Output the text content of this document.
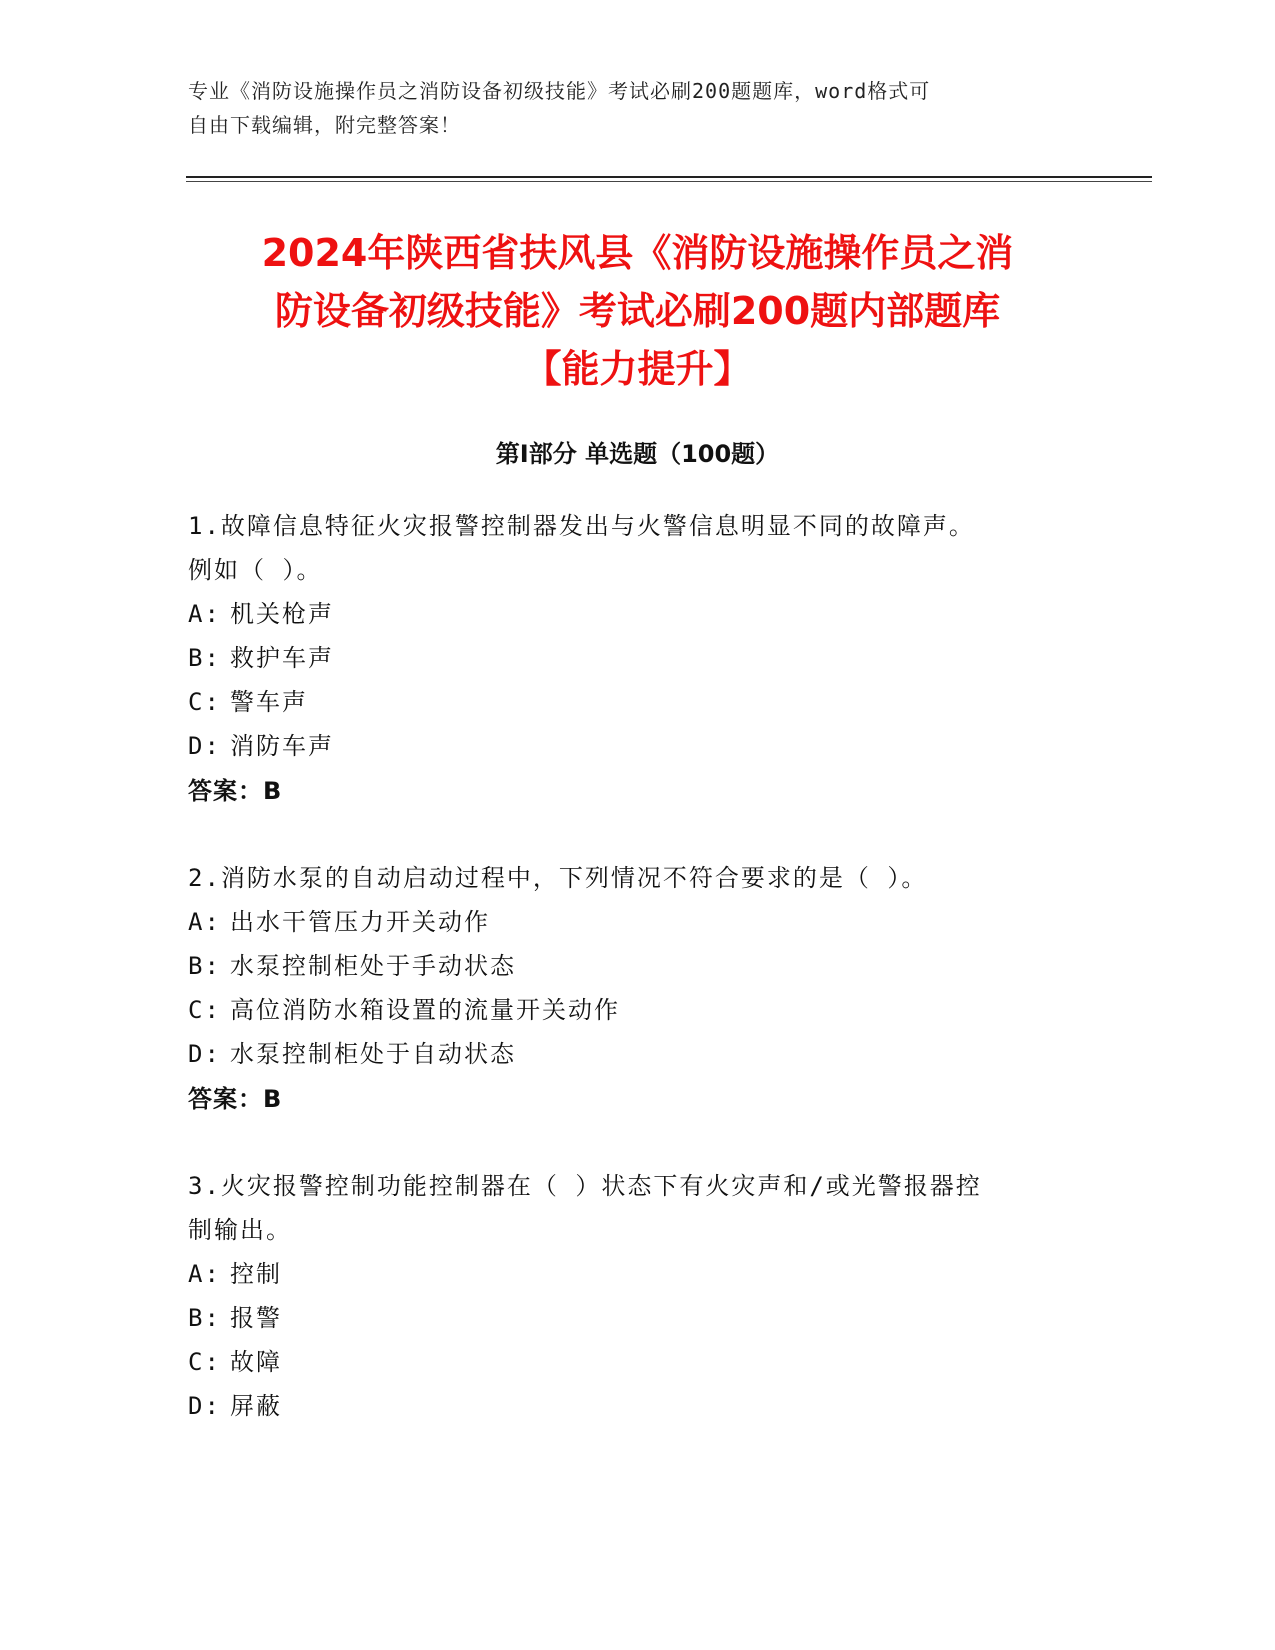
专业《消防设施操作员之消防设备初级技能》考试必刷200题题库，word格式可
自由下载编辑，附完整答案！
2024年陕西省扶风县《消防设施操作员之消
防设备初级技能》考试必刷200题内部题库
【能力提升】
第Ⅰ部分 单选题（100题）
1.故障信息特征火灾报警控制器发出与火警信息明显不同的故障声。
例如（ ）。
A: 机关枪声
B: 救护车声
C: 警车声
D: 消防车声
答案：B
2.消防水泵的自动启动过程中，下列情况不符合要求的是（ ）。
A: 出水干管压力开关动作
B: 水泵控制柜处于手动状态
C: 高位消防水箱设置的流量开关动作
D: 水泵控制柜处于自动状态
答案：B
3.火灾报警控制功能控制器在（ ）状态下有火灾声和/或光警报器控
制输出。
A: 控制
B: 报警
C: 故障
D: 屏蔽
